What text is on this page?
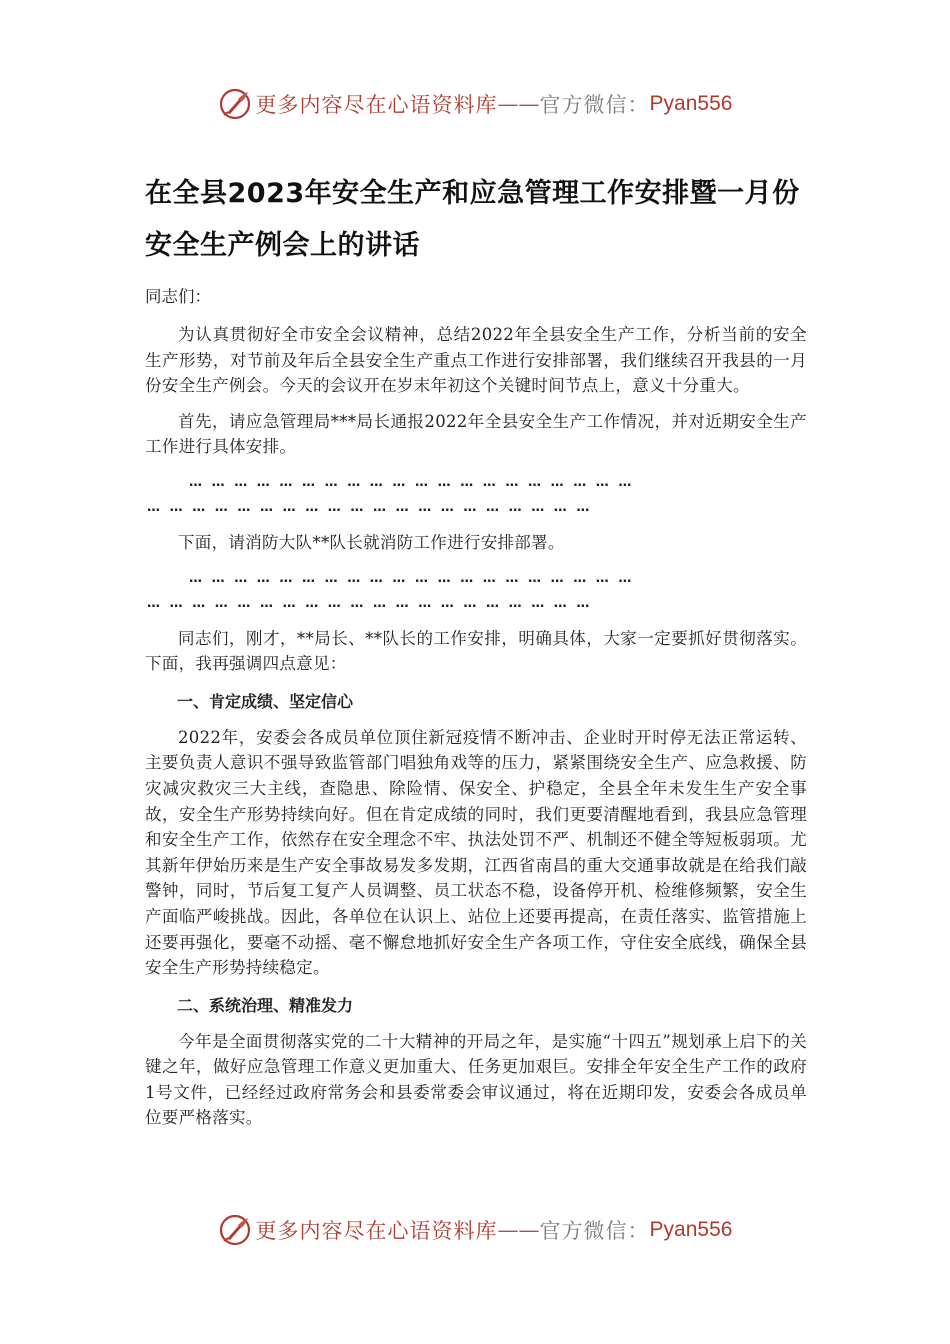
更多内容尽在心语资料库 —— 官方微信： Pyan556
在全县2023年安全生产和应急管理工作安排暨一月份安全生产例会上的讲话
同志们：

为认真贯彻好全市安全会议精神，总结2022年全县安全生产工作，分析当前的安全生产形势，对节前及年后全县安全生产重点工作进行安排部署，我们继续召开我县的一月份安全生产例会。今天的会议开在岁末年初这个关键时间节点上，意义十分重大。

首先，请应急管理局***局长通报2022年全县安全生产工作情况，并对近期安全生产工作进行具体安排。

……………………………………………………
……………………………………………………

下面，请消防大队**队长就消防工作进行安排部署。

……………………………………………………
……………………………………………………

同志们，刚才，**局长、**队长的工作安排，明确具体，大家一定要抓好贯彻落实。下面，我再强调四点意见：

一、肯定成绩、坚定信心

2022年，安委会各成员单位顶住新冠疫情不断冲击、企业时开时停无法正常运转、主要负责人意识不强导致监管部门唱独角戏等的压力，紧紧围绕安全生产、应急救援、防灾减灾救灾三大主线，查隐患、除险情、保安全、护稳定，全县全年未发生生产安全事故，安全生产形势持续向好。但在肯定成绩的同时，我们更要清醒地看到，我县应急管理和安全生产工作，依然存在安全理念不牢、执法处罚不严、机制还不健全等短板弱项。尤其新年伊始历来是生产安全事故易发多发期，江西省南昌的重大交通事故就是在给我们敲警钟，同时，节后复工复产人员调整、员工状态不稳，设备停开机、检维修频繁，安全生产面临严峻挑战。因此，各单位在认识上、站位上还要再提高，在责任落实、监管措施上还要再强化，要毫不动摇、毫不懈怠地抓好安全生产各项工作，守住安全底线，确保全县安全生产形势持续稳定。

二、系统治理、精准发力

今年是全面贯彻落实党的二十大精神的开局之年，是实施“十四五”规划承上启下的关键之年，做好应急管理工作意义更加重大、任务更加艰巨。安排全年安全生产工作的政府1号文件，已经经过政府常务会和县委常委会审议通过，将在近期印发，安委会各成员单位要严格落实。

更多内容尽在心语资料库 —— 官方微信： Pyan556
